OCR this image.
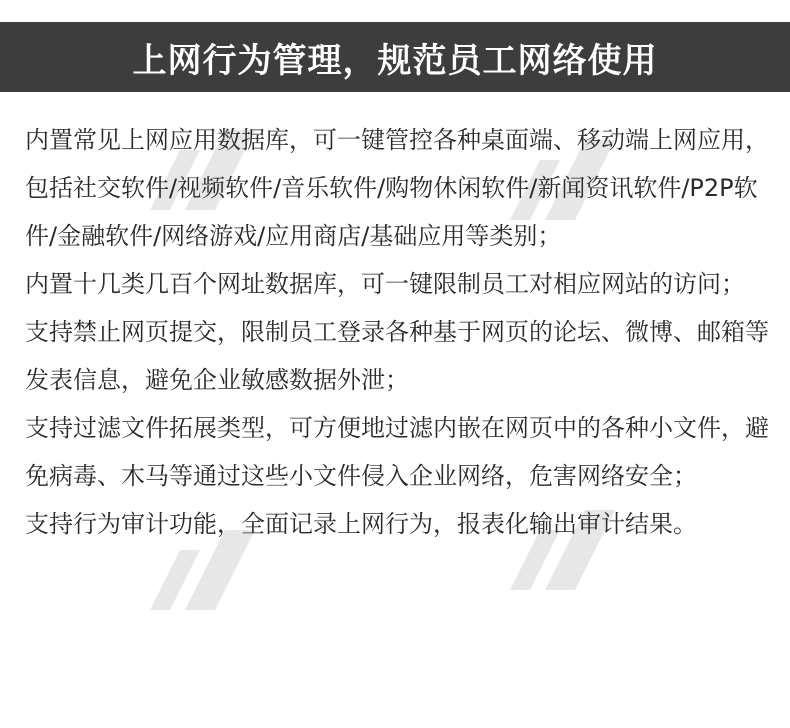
上网行为管理，规范员工网络使用

内置常见上网应用数据库，可一键管控各种桌面端、移动端上网应用，包括社交软件/视频软件/音乐软件/购物休闲软件/新闻资讯软件/P2P软件/金融软件/网络游戏/应用商店/基础应用等类别；

内置十几类几百个网址数据库，可一键限制员工对相应网站的访问；

支持禁止网页提交，限制员工登录各种基于网页的论坛、微博、邮箱等发表信息，避免企业敏感数据外泄；

支持过滤文件拓展类型，可方便地过滤内嵌在网页中的各种小文件，避免病毒、木马等通过这些小文件侵入企业网络，危害网络安全；

支持行为审计功能，全面记录上网行为，报表化输出审计结果。
